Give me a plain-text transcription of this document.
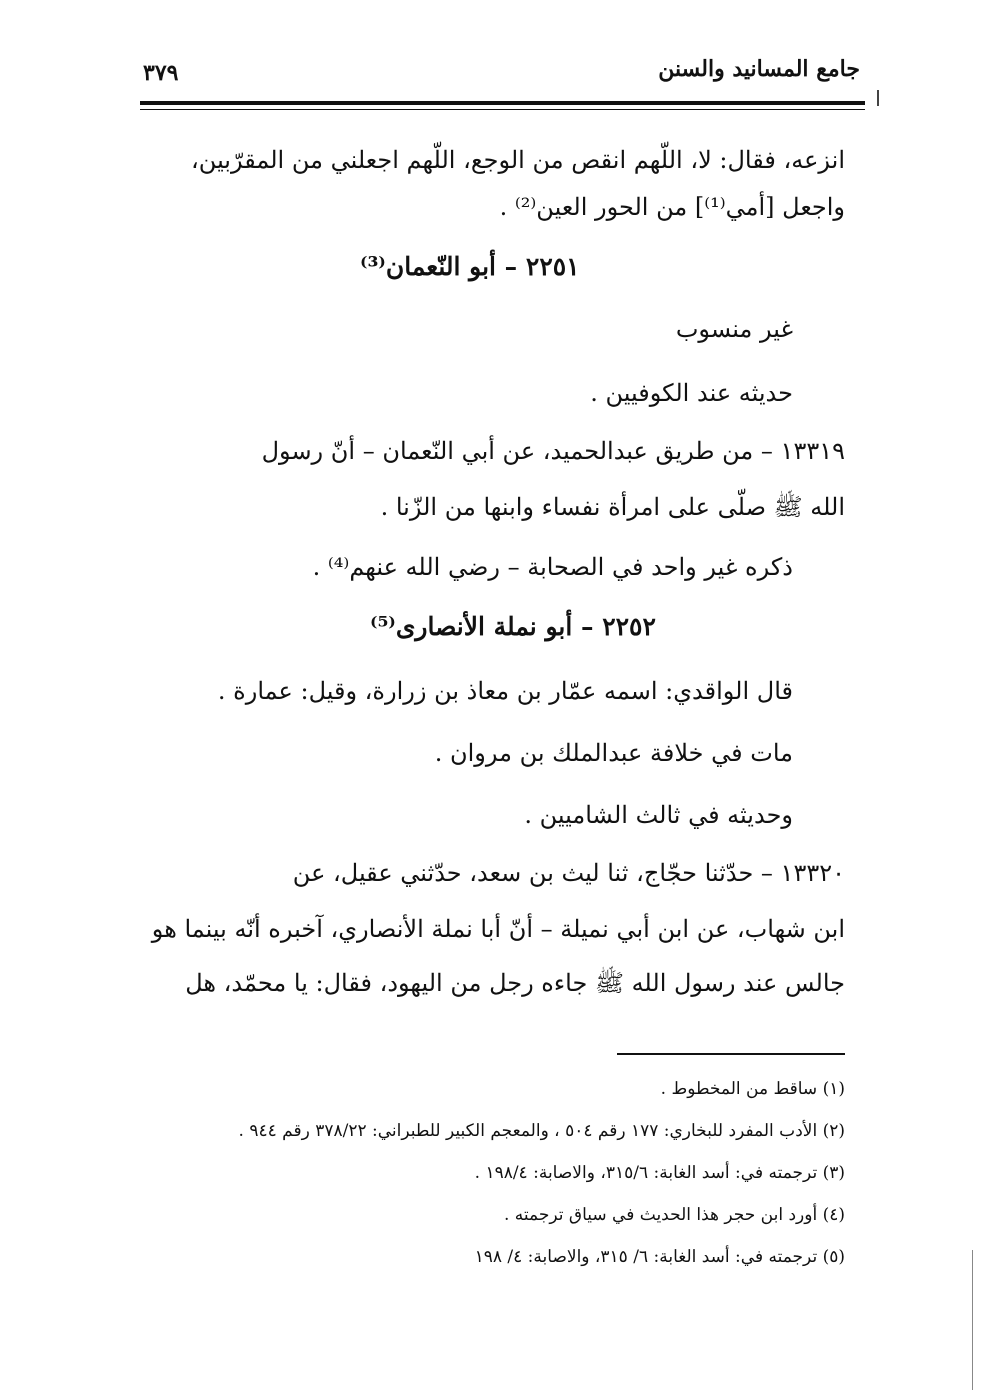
جامع المسانيد والسنن
٣٧٩
انزعه، فقال: لا، اللّهم انقص من الوجع، اللّهم اجعلني من المقرّبين،
واجعل [أمي⁽¹⁾] من الحور العين⁽²⁾ .
٢٢٥١ – أبو النّعمان⁽³⁾
غير منسوب
حديثه عند الكوفيين .
١٣٣١٩ – من طريق عبدالحميد، عن أبي النّعمان – أنّ رسول
الله ﷺ صلّى على امرأة نفساء وابنها من الزّنا .
ذكره غير واحد في الصحابة – رضي الله عنهم⁽⁴⁾ .
٢٢٥٢ – أبو نملة الأنصارى⁽⁵⁾
قال الواقدي: اسمه عمّار بن معاذ بن زرارة، وقيل: عمارة .
مات في خلافة عبدالملك بن مروان .
وحديثه في ثالث الشاميين .
١٣٣٢٠ – حدّثنا حجّاج، ثنا ليث بن سعد، حدّثني عقيل، عن
ابن شهاب، عن ابن أبي نميلة – أنّ أبا نملة الأنصاري، آخبره أنّه بينما هو
جالس عند رسول الله ﷺ جاءه رجل من اليهود، فقال: يا محمّد، هل
(١) ساقط من المخطوط .
(٢) الأدب المفرد للبخاري: ١٧٧ رقم ٥٠٤ ، والمعجم الكبير للطبراني: ٣٧٨/٢٢ رقم ٩٤٤ .
(٣) ترجمته في: أسد الغابة: ٣١٥/٦، والاصابة: ١٩٨/٤ .
(٤) أورد ابن حجر هذا الحديث في سياق ترجمته .
(٥) ترجمته في: أسد الغابة: ٦/ ٣١٥، والاصابة: ٤/ ١٩٨
